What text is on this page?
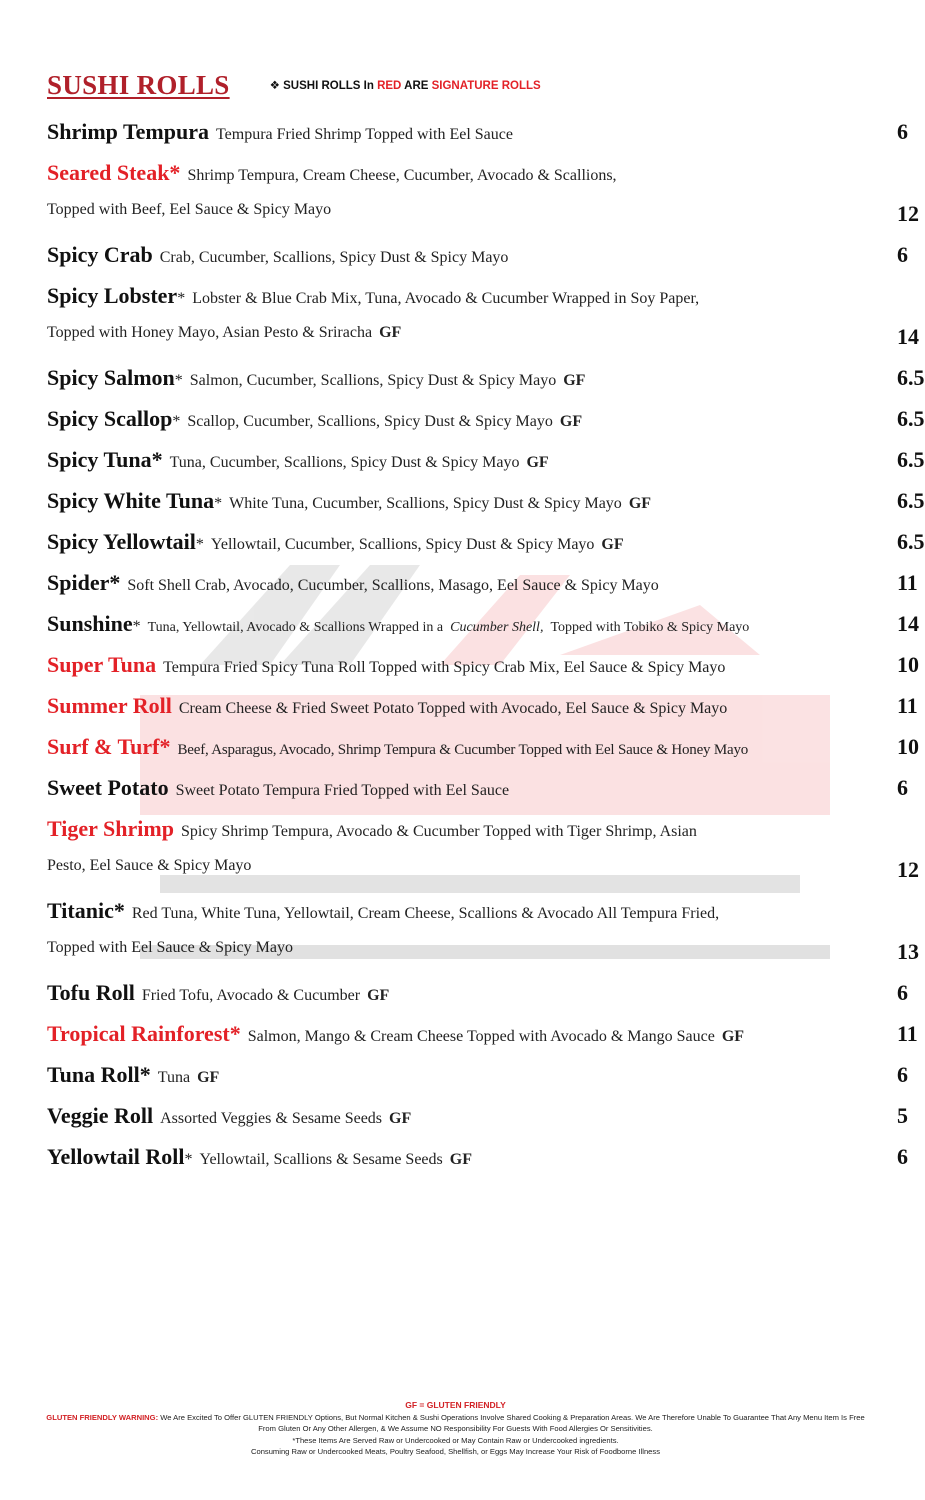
SUSHI ROLLS	❖ SUSHI ROLLS In RED ARE SIGNATURE ROLLS
Shrimp Tempura Tempura Fried Shrimp Topped with Eel Sauce	6
Seared Steak* Shrimp Tempura, Cream Cheese, Cucumber, Avocado & Scallions,
Topped with Beef, Eel Sauce & Spicy Mayo	12
Spicy Crab Crab, Cucumber, Scallions, Spicy Dust & Spicy Mayo	6
Spicy Lobster* Lobster & Blue Crab Mix, Tuna, Avocado & Cucumber Wrapped in Soy Paper,
Topped with Honey Mayo, Asian Pesto & Sriracha GF	14
Spicy Salmon* Salmon, Cucumber, Scallions, Spicy Dust & Spicy Mayo GF	6.5
Spicy Scallop* Scallop, Cucumber, Scallions, Spicy Dust & Spicy Mayo GF	6.5
Spicy Tuna* Tuna, Cucumber, Scallions, Spicy Dust & Spicy Mayo GF	6.5
Spicy White Tuna* White Tuna, Cucumber, Scallions, Spicy Dust & Spicy Mayo GF	6.5
Spicy Yellowtail* Yellowtail, Cucumber, Scallions, Spicy Dust & Spicy Mayo GF	6.5
Spider* Soft Shell Crab, Avocado, Cucumber, Scallions, Masago, Eel Sauce & Spicy Mayo	11
Sunshine* Tuna, Yellowtail, Avocado & Scallions Wrapped in a Cucumber Shell, Topped with Tobiko & Spicy Mayo	14
Super Tuna Tempura Fried Spicy Tuna Roll Topped with Spicy Crab Mix, Eel Sauce & Spicy Mayo	10
Summer Roll Cream Cheese & Fried Sweet Potato Topped with Avocado, Eel Sauce & Spicy Mayo	11
Surf & Turf* Beef, Asparagus, Avocado, Shrimp Tempura & Cucumber Topped with Eel Sauce & Honey Mayo	10
Sweet Potato Sweet Potato Tempura Fried Topped with Eel Sauce	6
Tiger Shrimp Spicy Shrimp Tempura, Avocado & Cucumber Topped with Tiger Shrimp, Asian
Pesto, Eel Sauce & Spicy Mayo	12
Titanic* Red Tuna, White Tuna, Yellowtail, Cream Cheese, Scallions & Avocado All Tempura Fried,
Topped with Eel Sauce & Spicy Mayo	13
Tofu Roll Fried Tofu, Avocado & Cucumber GF	6
Tropical Rainforest* Salmon, Mango & Cream Cheese Topped with Avocado & Mango Sauce GF	11
Tuna Roll* Tuna GF	6
Veggie Roll Assorted Veggies & Sesame Seeds GF	5
Yellowtail Roll* Yellowtail, Scallions & Sesame Seeds GF	6
GF = GLUTEN FRIENDLY
GLUTEN FRIENDLY WARNING: We Are Excited To Offer GLUTEN FRIENDLY Options, But Normal Kitchen & Sushi Operations Involve Shared Cooking & Preparation Areas. We Are Therefore Unable To Guarantee That Any Menu Item Is Free From Gluten Or Any Other Allergen, & We Assume NO Responsibility For Guests With Food Allergies Or Sensitivities.
*These Items Are Served Raw or Undercooked or May Contain Raw or Undercooked ingredients.
Consuming Raw or Undercooked Meats, Poultry Seafood, Shellfish, or Eggs May Increase Your Risk of Foodborne Illness
